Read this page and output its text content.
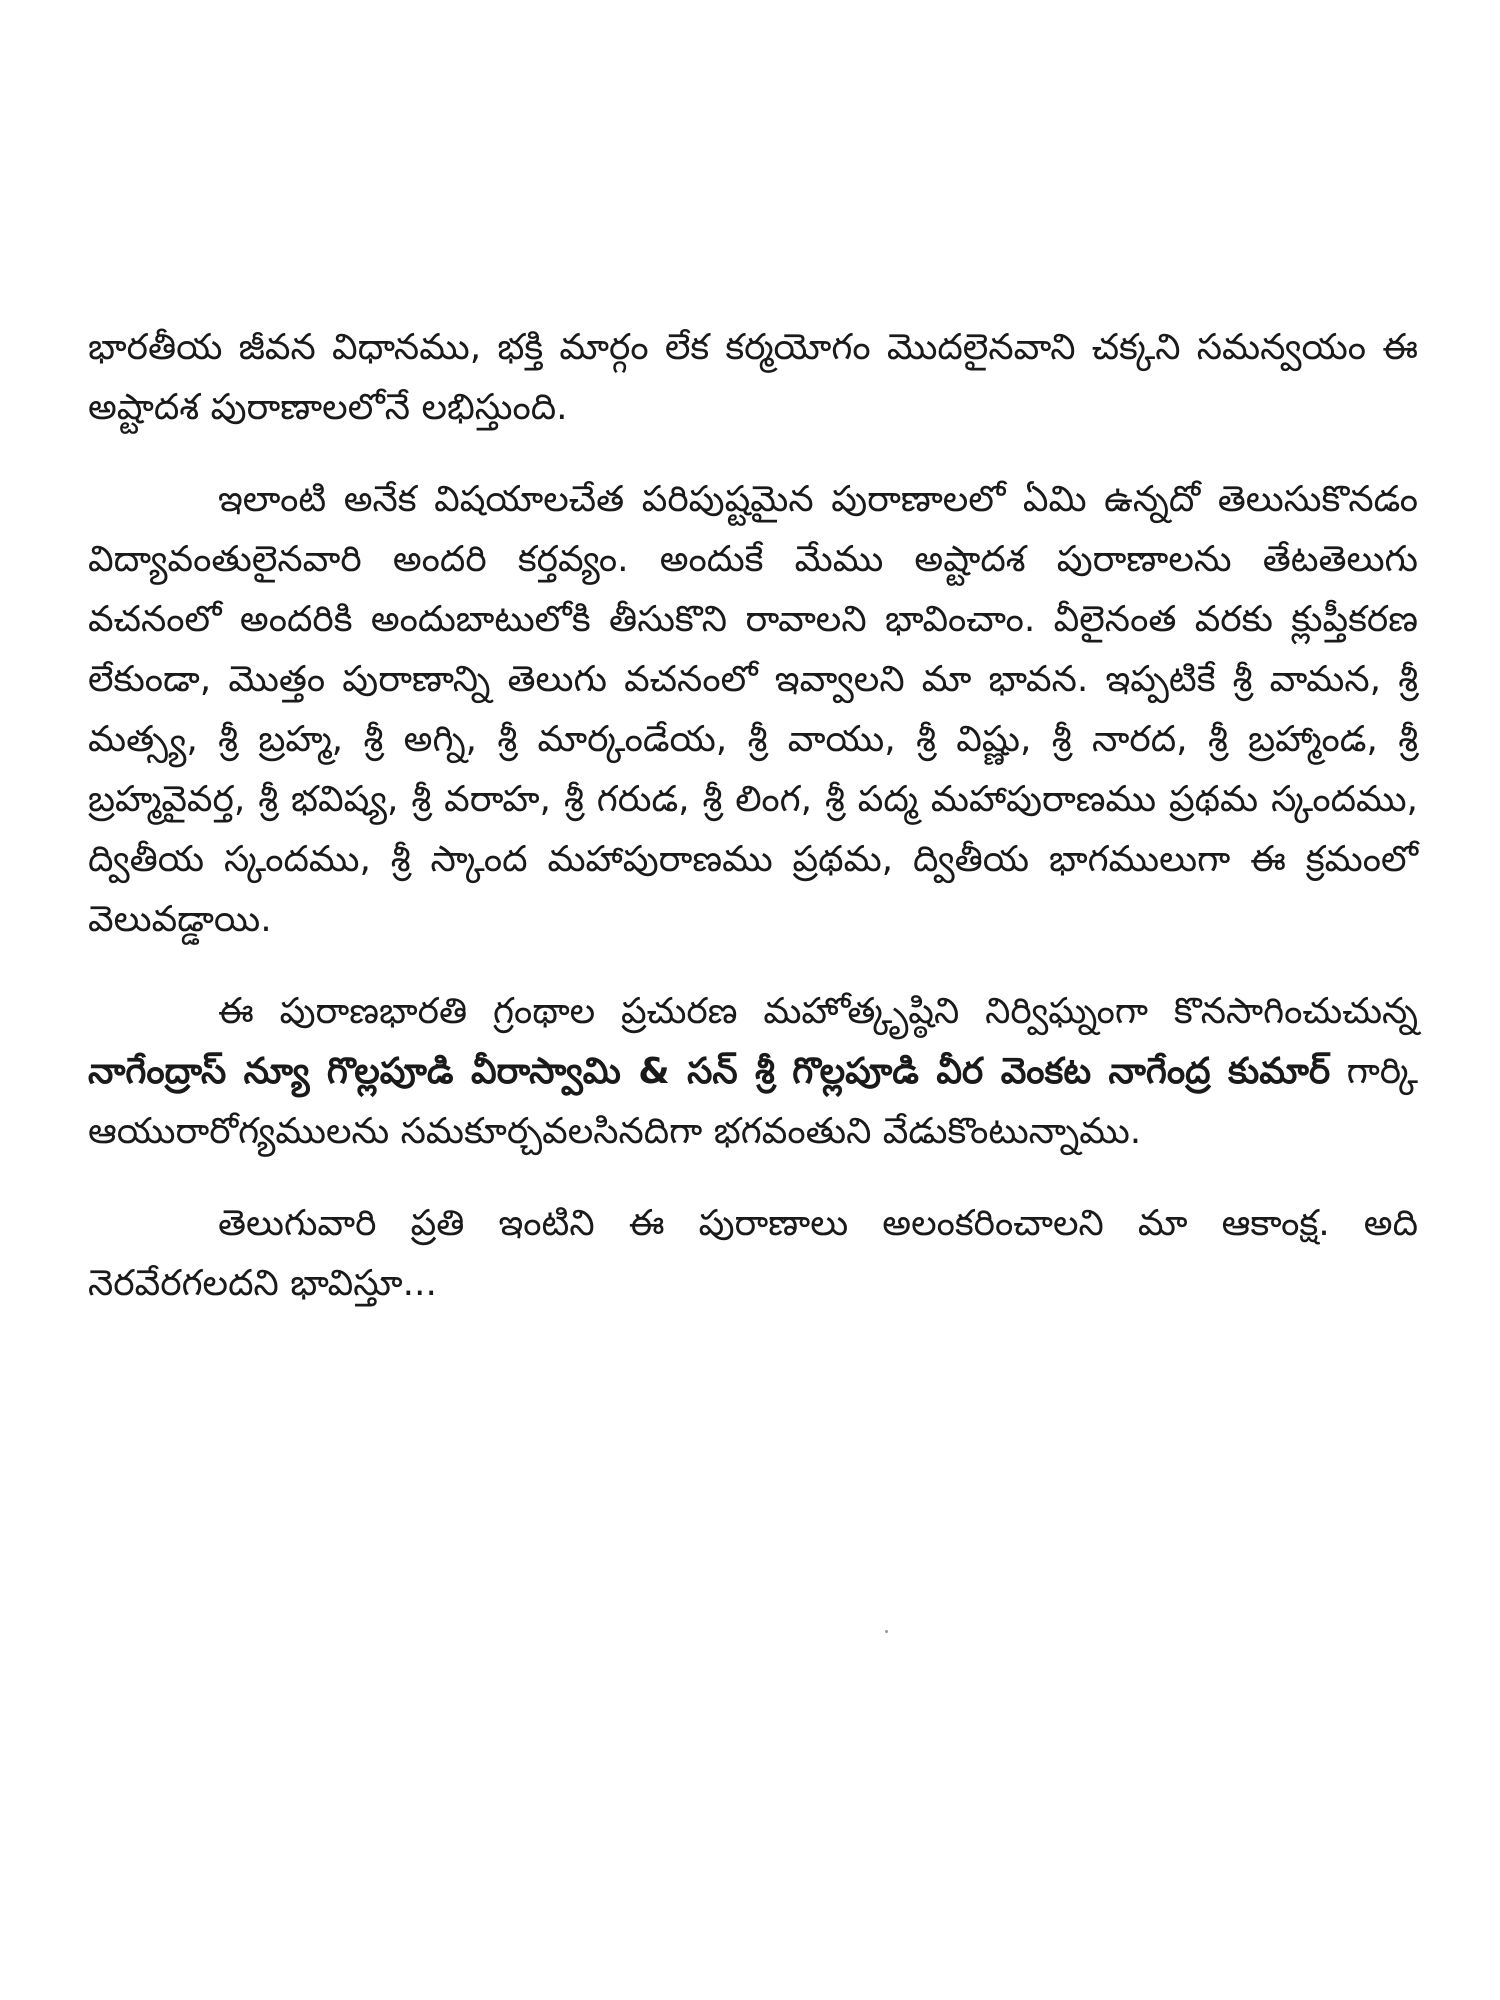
భారతీయ జీవన విధానము, భక్తి మార్గం లేక కర్మయోగం మొదలైనవాని చక్కని సమన్వయం ఈ అష్టాదశ పురాణాలలోనే లభిస్తుంది.

ఇలాంటి అనేక విషయాలచేత పరిపుష్టమైన పురాణాలలో ఏమి ఉన్నదో తెలుసుకొనడం విద్యావంతులైనవారి అందరి కర్తవ్యం. అందుకే మేము అష్టాదశ పురాణాలను తేటతెలుగు వచనంలో అందరికి అందుబాటులోకి తీసుకొని రావాలని భావించాం. వీలైనంత వరకు క్లుప్తీకరణ లేకుండా, మొత్తం పురాణాన్ని తెలుగు వచనంలో ఇవ్వాలని మా భావన. ఇప్పటికే శ్రీ వామన, శ్రీ మత్స్య, శ్రీ బ్రహ్మ, శ్రీ అగ్ని, శ్రీ మార్కండేయ, శ్రీ వాయు, శ్రీ విష్ణు, శ్రీ నారద, శ్రీ బ్రహ్మాండ, శ్రీ బ్రహ్మవైవర్త, శ్రీ భవిష్య, శ్రీ వరాహ, శ్రీ గరుడ, శ్రీ లింగ, శ్రీ పద్మ మహాపురాణము ప్రథమ స్కందము, ద్వితీయ స్కందము, శ్రీ స్కాంద మహాపురాణము ప్రథమ, ద్వితీయ భాగములుగా ఈ క్రమంలో వెలువడ్డాయి.

ఈ పురాణభారతి గ్రంథాల ప్రచురణ మహోత్కృష్ఠిని నిర్విఘ్నంగా కొనసాగించుచున్న నాగేంద్రాస్ న్యూ గొల్లపూడి వీరాస్వామి & సన్ శ్రీ గొల్లపూడి వీర వెంకట నాగేంద్ర కుమార్ గార్కి ఆయురారోగ్యములను సమకూర్చవలసినదిగా భగవంతుని వేడుకొంటున్నాము.

తెలుగువారి ప్రతి ఇంటిని ఈ పురాణాలు అలంకరించాలని మా ఆకాంక్ష. అది నెరవేరగలదని భావిస్తూ...
